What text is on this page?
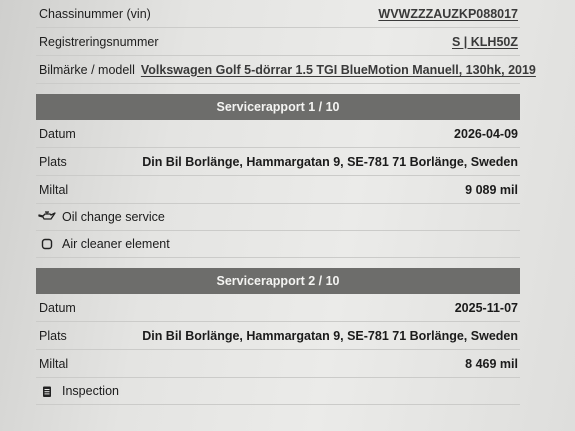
Chassinummer (vin)	WVWZZZAUZKP088017
Registreringsnummer	S | KLH50Z
Bilmärke / modell Volkswagen Golf 5-dörrar 1.5 TGI BlueMotion Manuell, 130hk, 2019
Servicerapport 1 / 10
Datum	2026-04-09
Plats	Din Bil Borlänge, Hammargatan 9, SE-781 71 Borlänge, Sweden
Miltal	9 089 mil
Oil change service
Air cleaner element
Servicerapport 2 / 10
Datum	2025-11-07
Plats	Din Bil Borlänge, Hammargatan 9, SE-781 71 Borlänge, Sweden
Miltal	8 469 mil
Inspection
